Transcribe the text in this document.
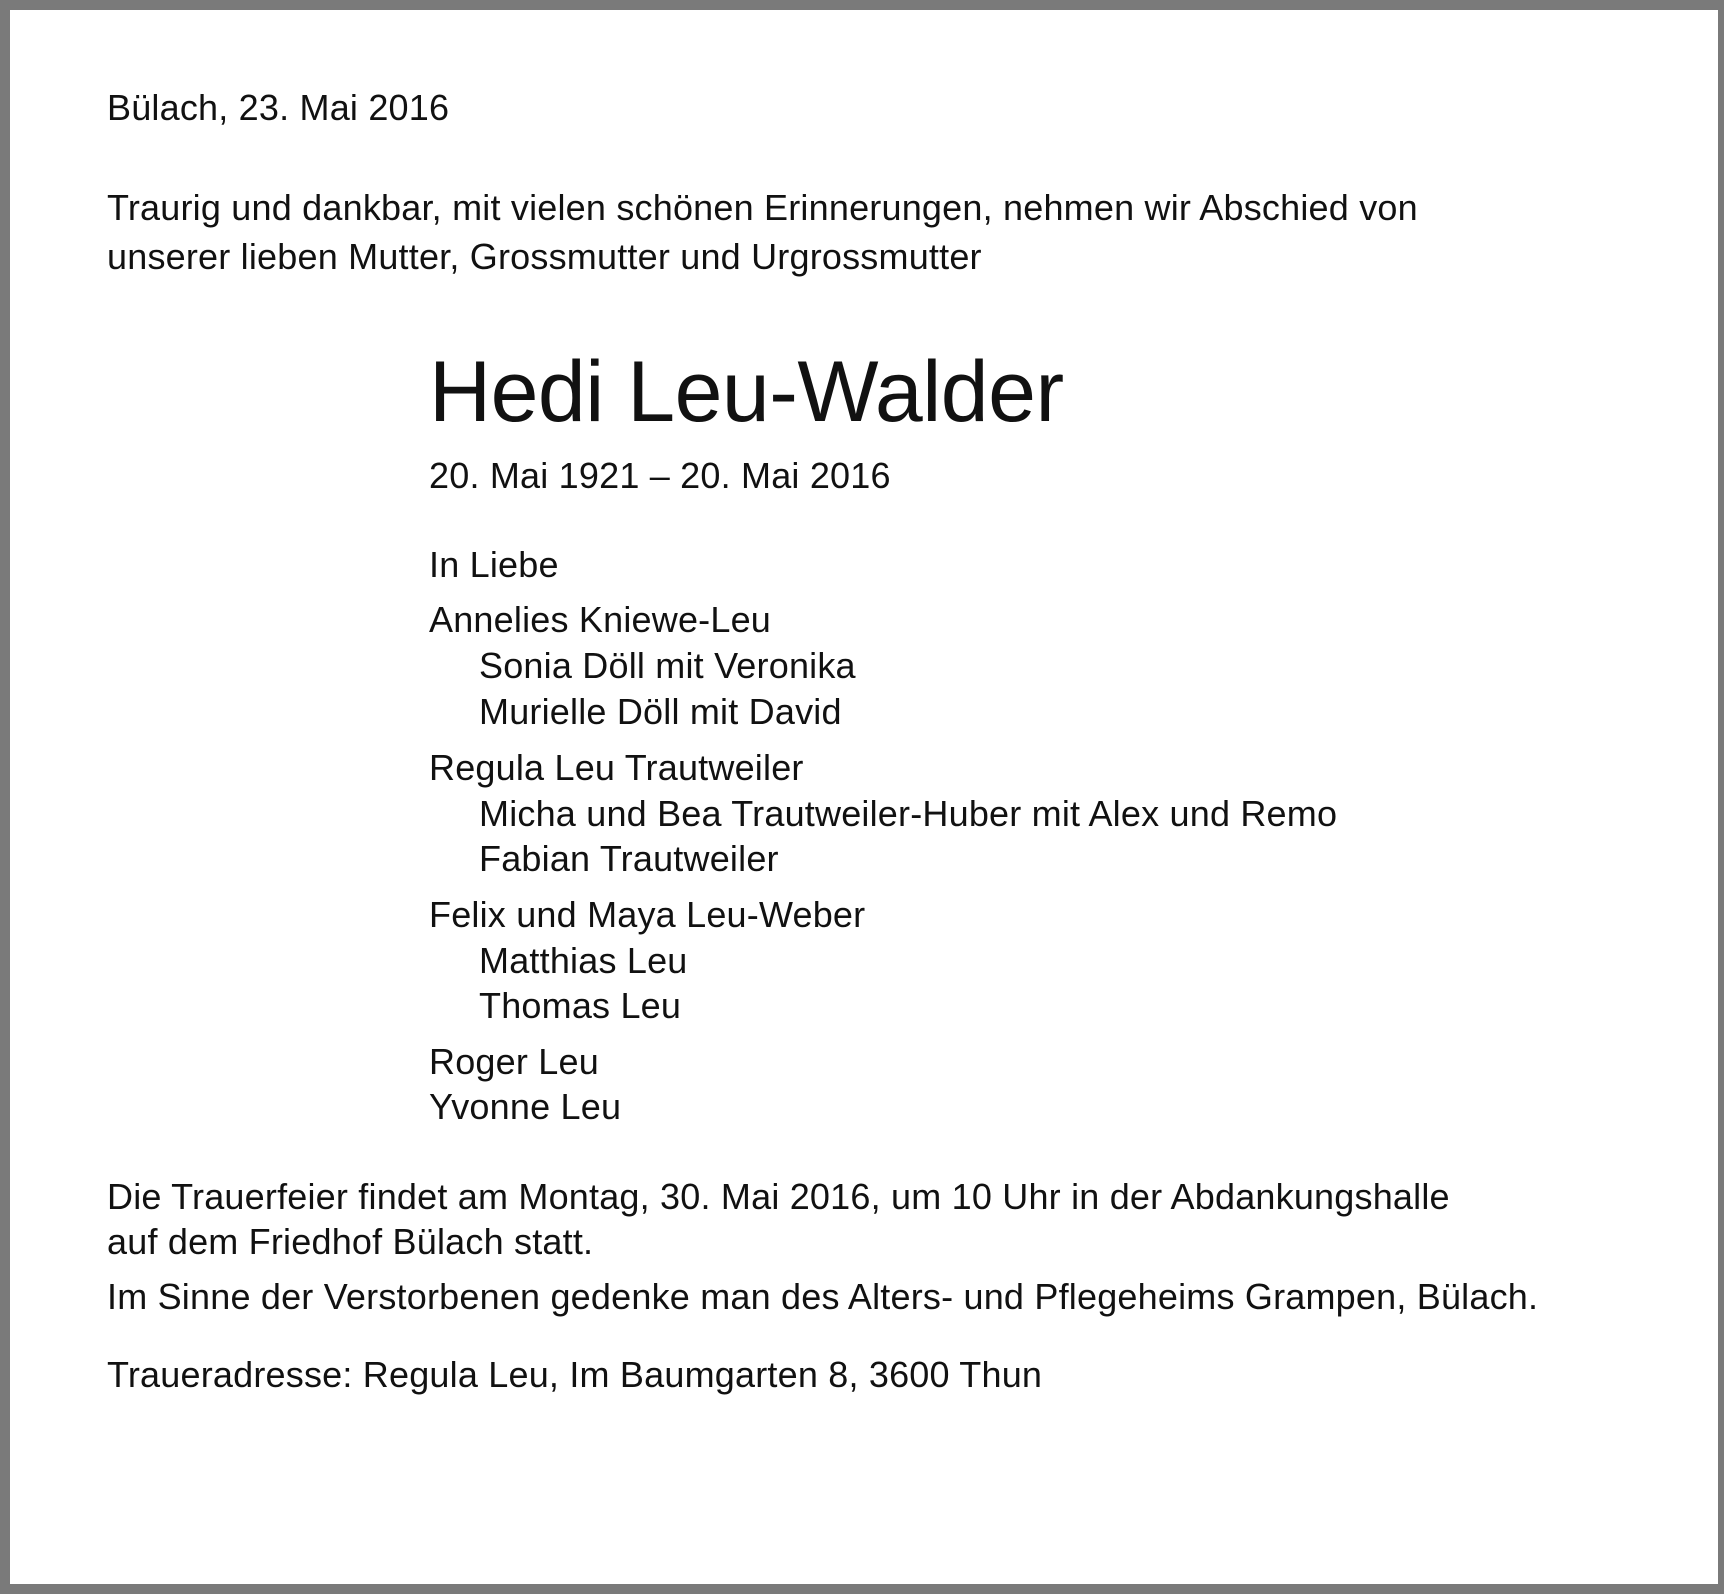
Bülach, 23. Mai 2016
Traurig und dankbar, mit vielen schönen Erinnerungen, nehmen wir Abschied von
unserer lieben Mutter, Grossmutter und Urgrossmutter
Hedi Leu-Walder
20. Mai 1921 – 20. Mai 2016
In Liebe
Annelies Kniewe-Leu
Sonia Döll mit Veronika
Murielle Döll mit David
Regula Leu Trautweiler
Micha und Bea Trautweiler-Huber mit Alex und Remo
Fabian Trautweiler
Felix und Maya Leu-Weber
Matthias Leu
Thomas Leu
Roger Leu
Yvonne Leu
Die Trauerfeier findet am Montag, 30. Mai 2016, um 10 Uhr in der Abdankungshalle
auf dem Friedhof Bülach statt.
Im Sinne der Verstorbenen gedenke man des Alters- und Pflegeheims Grampen, Bülach.
Traueradresse: Regula Leu, Im Baumgarten 8, 3600 Thun
